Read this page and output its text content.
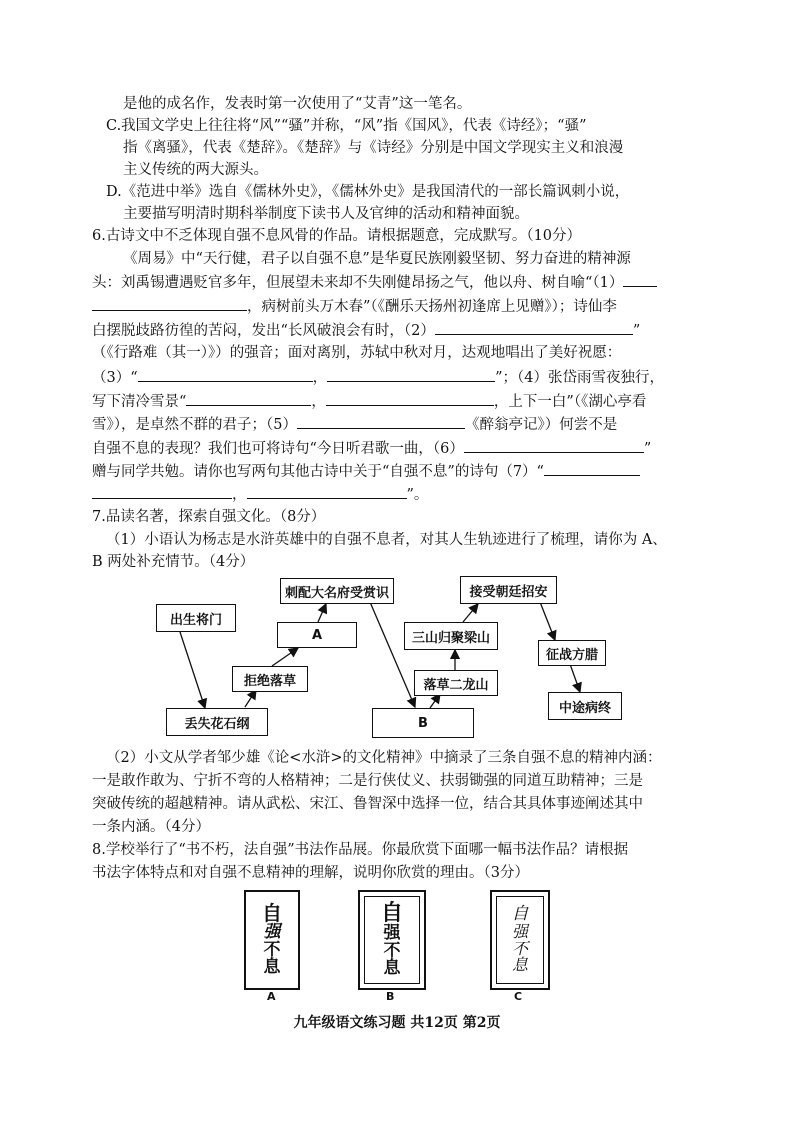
是他的成名作，发表时第一次使用了“艾青”这一笔名。
C.我国文学史上往往将“风”“骚”并称，“风”指《国风》，代表《诗经》；“骚”
指《离骚》，代表《楚辞》。《楚辞》与《诗经》分别是中国文学现实主义和浪漫
主义传统的两大源头。
D.《范进中举》选自《儒林外史》，《儒林外史》是我国清代的一部长篇讽刺小说，
主要描写明清时期科举制度下读书人及官绅的活动和精神面貌。
6.古诗文中不乏体现自强不息风骨的作品。请根据题意，完成默写。（10分）
《周易》中“天行健，君子以自强不息”是华夏民族刚毅坚韧、努力奋进的精神源
头：刘禹锡遭遇贬官多年，但展望未来却不失刚健昂扬之气，他以舟、树自喻“（1）
，病树前头万木春”（《酬乐天扬州初逢席上见赠》）；诗仙李
白摆脱歧路彷徨的苦闷，发出“长风破浪会有时，（2）	”
（《行路难（其一）》）的强音；面对离别，苏轼中秋对月，达观地唱出了美好祝愿：
（3）“	，	”；（4）张岱雨雪夜独行，
写下清冷雪景“	，	，上下一白”（《湖心亭看
雪》），是卓然不群的君子；（5）	《醉翁亭记》）何尝不是
自强不息的表现？我们也可将诗句“今日听君歌一曲，（6）	”
赠与同学共勉。请你也写两句其他古诗中关于“自强不息”的诗句（7）“
，	”。
7.品读名著，探索自强文化。（8分）
（1）小语认为杨志是水浒英雄中的自强不息者，对其人生轨迹进行了梳理，请你为 A、
B 两处补充情节。（4分）
出生将门
刺配大名府受赏识
A
拒绝落草
丢失花石纲
接受朝廷招安
三山归聚梁山
落草二龙山
B
征战方腊
中途病终
（2）小文从学者邹少雄《论<水浒>的文化精神》中摘录了三条自强不息的精神内涵：
一是敢作敢为、宁折不弯的人格精神；二是行侠仗义、扶弱锄强的同道互助精神；三是
突破传统的超越精神。请从武松、宋江、鲁智深中选择一位，结合其具体事迹阐述其中
一条内涵。（4分）
8.学校举行了“书不朽，法自强”书法作品展。你最欣赏下面哪一幅书法作品？请根据
书法字体特点和对自强不息精神的理解，说明你欣赏的理由。（3分）
自
强
不
息
A
自
强
不
息
B
自
强
不
息
C
九年级语文练习题 共12页 第2页
